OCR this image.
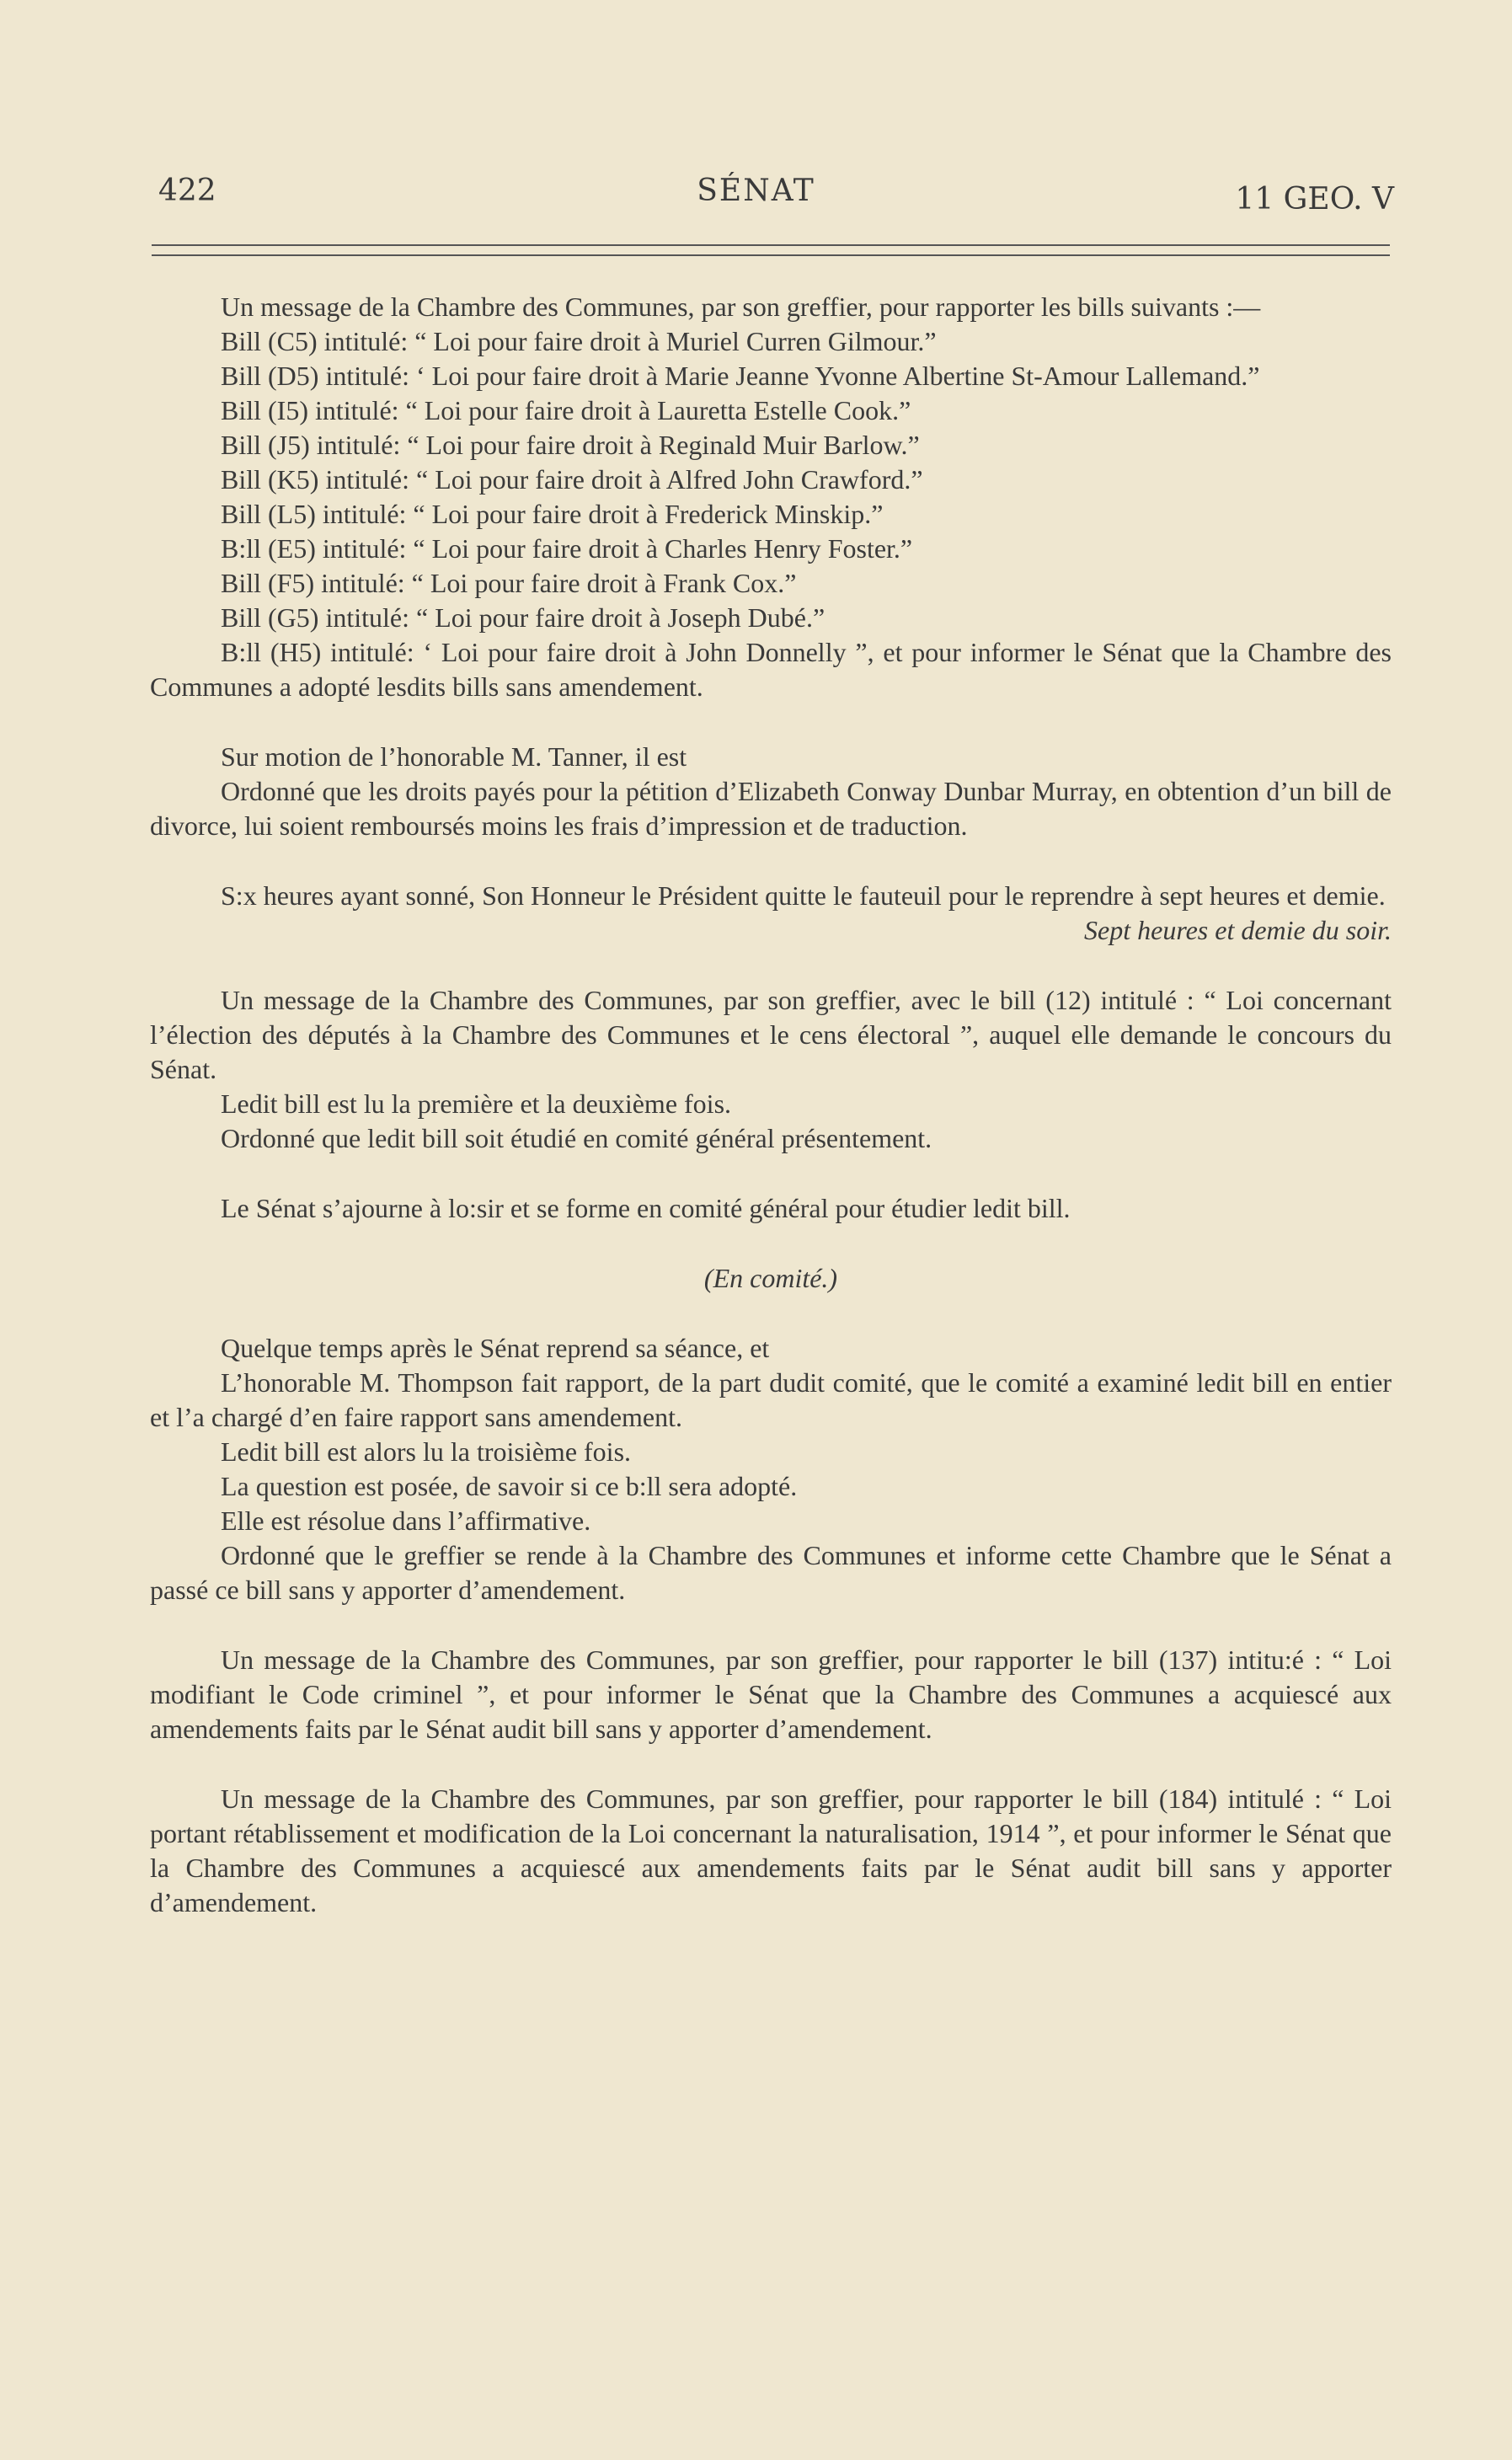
422	SÉNAT	11 GEO. V

Un message de la Chambre des Communes, par son greffier, pour rapporter les bills suivants :—

Bill (C5) intitulé: “ Loi pour faire droit à Muriel Curren Gilmour.”

Bill (D5) intitulé: ‘ Loi pour faire droit à Marie Jeanne Yvonne Albertine St-Amour Lallemand.”

Bill (I5) intitulé: “ Loi pour faire droit à Lauretta Estelle Cook.”

Bill (J5) intitulé: “ Loi pour faire droit à Reginald Muir Barlow.”

Bill (K5) intitulé: “ Loi pour faire droit à Alfred John Crawford.”

Bill (L5) intitulé: “ Loi pour faire droit à Frederick Minskip.”

B:ll (E5) intitulé: “ Loi pour faire droit à Charles Henry Foster.”

Bill (F5) intitulé: “ Loi pour faire droit à Frank Cox.”

Bill (G5) intitulé: “ Loi pour faire droit à Joseph Dubé.”

B:ll (H5) intitulé: ‘ Loi pour faire droit à John Donnelly ”, et pour informer le Sénat que la Chambre des Communes a adopté lesdits bills sans amendement.

Sur motion de l’honorable M. Tanner, il est

Ordonné que les droits payés pour la pétition d’Elizabeth Conway Dunbar Murray, en obtention d’un bill de divorce, lui soient remboursés moins les frais d’impression et de traduction.

S:x heures ayant sonné, Son Honneur le Président quitte le fauteuil pour le reprendre à sept heures et demie.

Sept heures et demie du soir.

Un message de la Chambre des Communes, par son greffier, avec le bill (12) intitulé : “ Loi concernant l’élection des députés à la Chambre des Communes et le cens électoral ”, auquel elle demande le concours du Sénat.

Ledit bill est lu la première et la deuxième fois.

Ordonné que ledit bill soit étudié en comité général présentement.

Le Sénat s’ajourne à lo:sir et se forme en comité général pour étudier ledit bill.

(En comité.)

Quelque temps après le Sénat reprend sa séance, et

L’honorable M. Thompson fait rapport, de la part dudit comité, que le comité a examiné ledit bill en entier et l’a chargé d’en faire rapport sans amendement.

Ledit bill est alors lu la troisième fois.

La question est posée, de savoir si ce b:ll sera adopté.

Elle est résolue dans l’affirmative.

Ordonné que le greffier se rende à la Chambre des Communes et informe cette Chambre que le Sénat a passé ce bill sans y apporter d’amendement.

Un message de la Chambre des Communes, par son greffier, pour rapporter le bill (137) intitu:é : “ Loi modifiant le Code criminel ”, et pour informer le Sénat que la Chambre des Communes a acquiescé aux amendements faits par le Sénat audit bill sans y apporter d’amendement.

Un message de la Chambre des Communes, par son greffier, pour rapporter le bill (184) intitulé : “ Loi portant rétablissement et modification de la Loi concernant la naturalisation, 1914 ”, et pour informer le Sénat que la Chambre des Communes a acquiescé aux amendements faits par le Sénat audit bill sans y apporter d’amendement.
